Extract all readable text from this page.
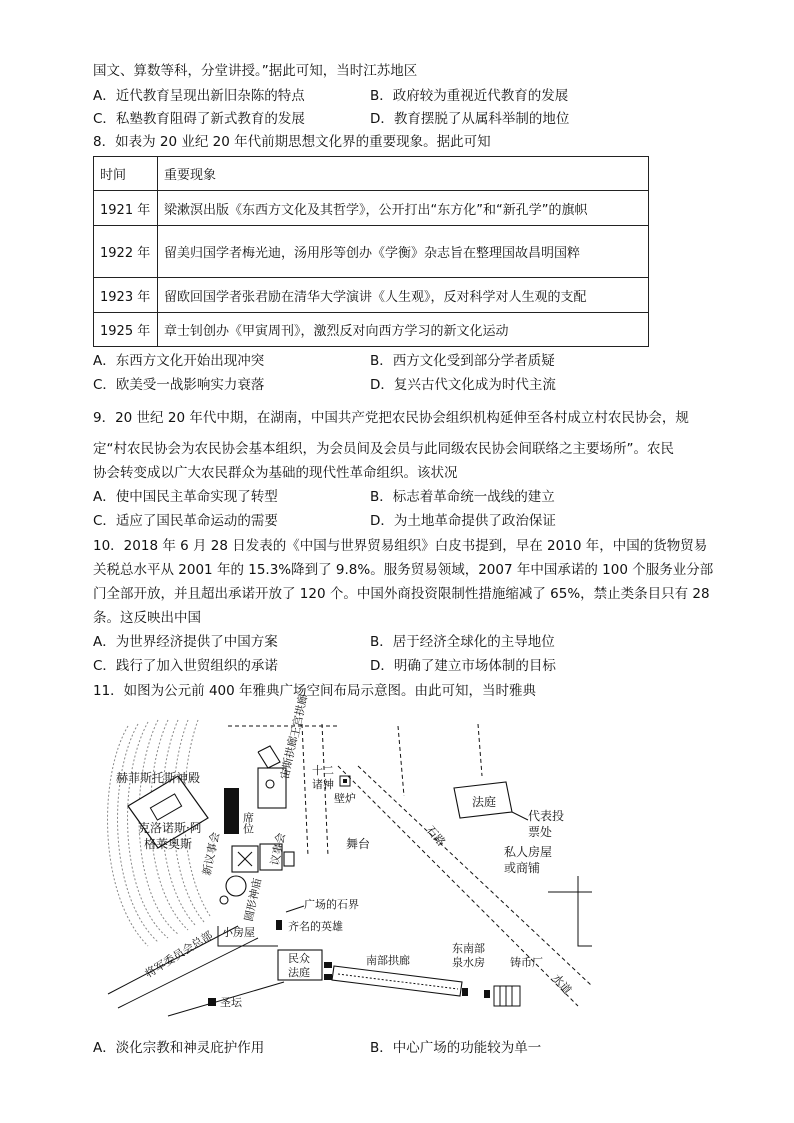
国文、算数等科，分堂讲授。”据此可知，当时江苏地区
A．近代教育呈现出新旧杂陈的特点	B．政府较为重视近代教育的发展
C．私塾教育阻碍了新式教育的发展	D．教育摆脱了从属科举制的地位
8．如表为 20 业纪 20 年代前期思想文化界的重要现象。据此可知
时间	重要现象
1921 年	梁漱溟出版《东西方文化及其哲学》，公开打出“东方化”和“新孔学”的旗帜
1922 年	留美归国学者梅光迪，汤用彤等创办《学衡》杂志旨在整理国故昌明国粹
1923 年	留欧回国学者张君励在清华大学演讲《人生观》，反对科学对人生观的支配
1925 年	章士钊创办《甲寅周刊》，激烈反对向西方学习的新文化运动
A．东西方文化开始出现冲突	B．西方文化受到部分学者质疑
C．欧美受一战影响实力衰落	D．复兴古代文化成为时代主流
9．20 世纪 20 年代中期，在湖南，中国共产党把农民协会组织机构延伸至各村成立村农民协会，规
定“村农民协会为农民协会基本组织，为会员间及会员与此同级农民协会间联络之主要场所”。农民
协会转变成以广大农民群众为基础的现代性革命组织。该状况
A．使中国民主革命实现了转型	B．标志着革命统一战线的建立
C．适应了国民革命运动的需要	D．为土地革命提供了政治保证
10．2018 年 6 月 28 日发表的《中国与世界贸易组织》白皮书提到，早在 2010 年，中国的货物贸易
关税总水平从 2001 年的 15.3%降到了 9.8%。服务贸易领域，2007 年中国承诺的 100 个服务业分部
门全部开放，并且超出承诺开放了 120 个。中国外商投资限制性措施缩减了 65%，禁止类条目只有 28
条。这反映出中国
A．为世界经济提供了中国方案	B．居于经济全球化的主导地位
C．践行了加入世贸组织的承诺	D．明确了建立市场体制的目标
11．如图为公元前 400 年雅典广场空间布局示意图。由此可知，当时雅典
赫菲斯托斯神殿
克洛诺斯·阿
格莱奥斯
席位
宙斯拱廊
王宫拱廊
议事会
新议事会
圆形神庙
将军委员会总部
十二
诸神
壁炉	法庭
代表投
票处
石路
水道
舞台
私人房屋
或商铺
广场的石界
齐名的英雄
小房屋
民众
法庭
南部拱廊
东南部
泉水房 铸币厂
圣坛
A．淡化宗教和神灵庇护作用	B．中心广场的功能较为单一
